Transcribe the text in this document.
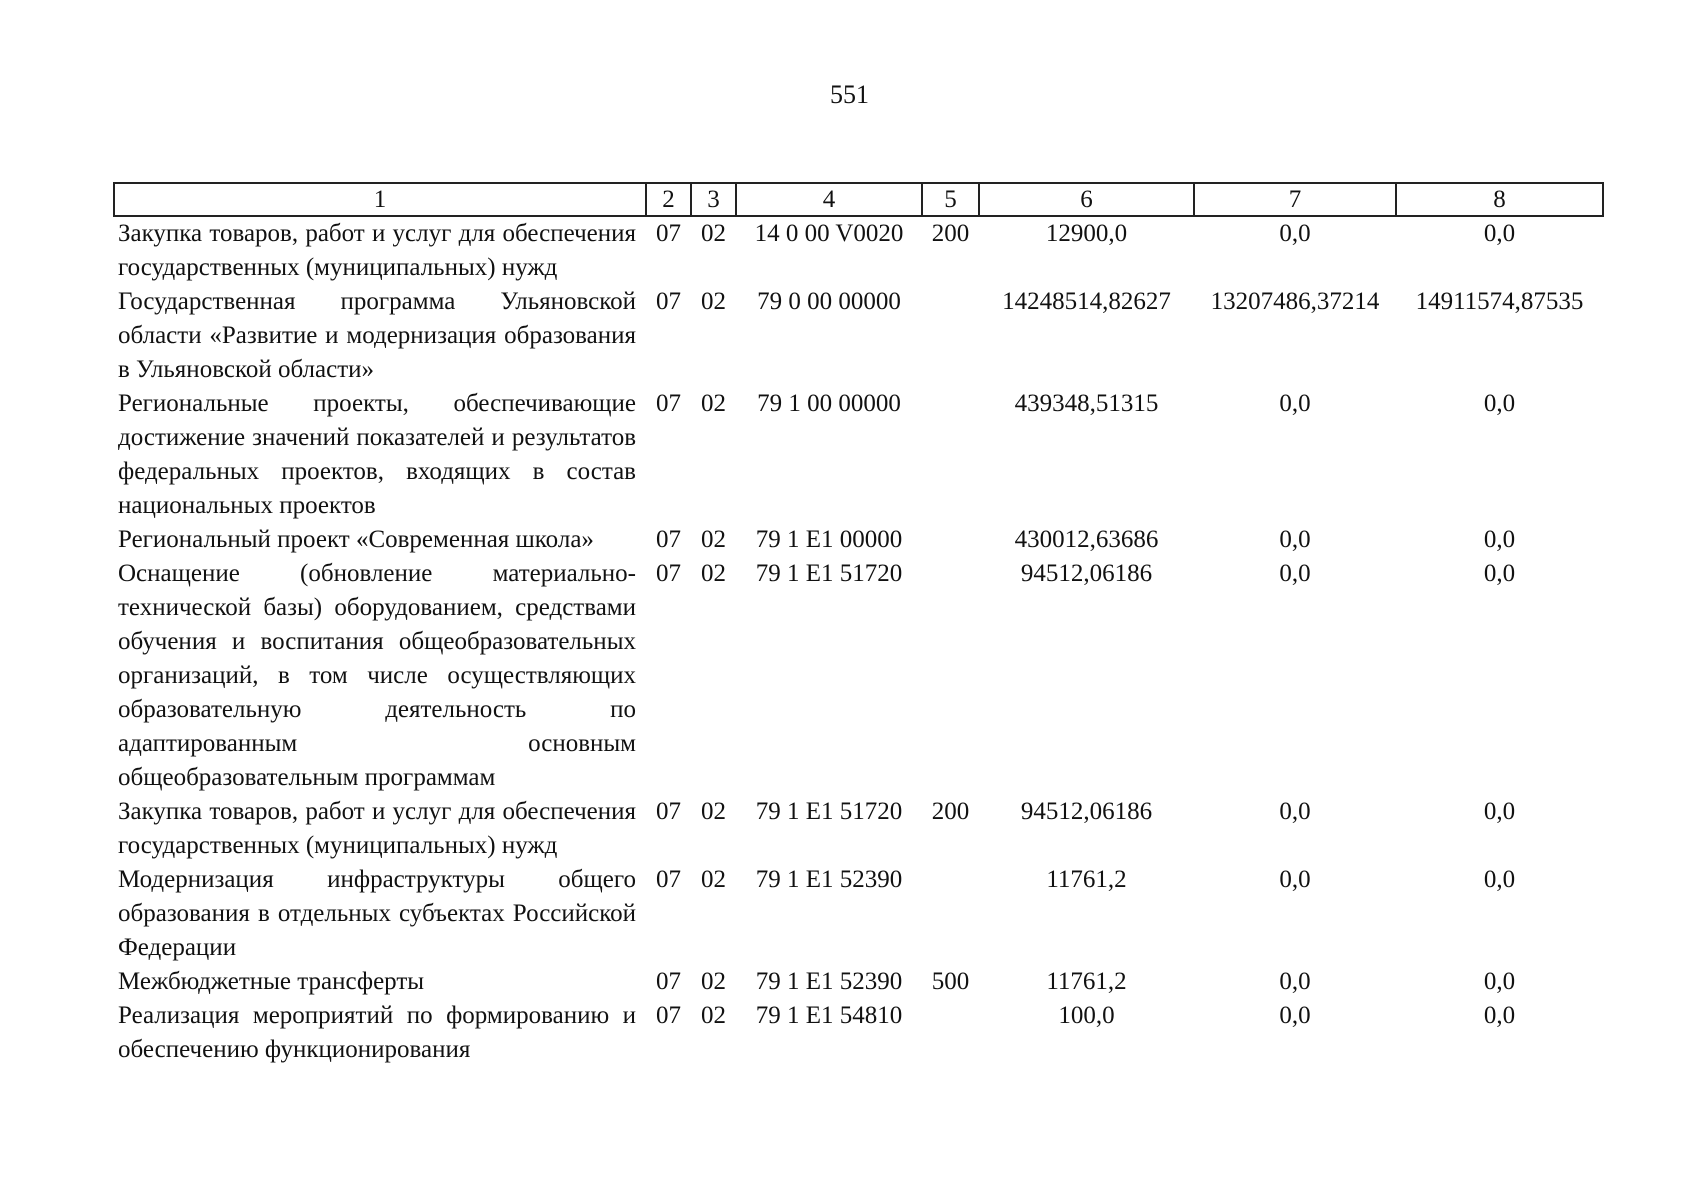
551
1	2	3	4	5	6	7	8
Закупка товаров, работ и услуг для обеспечения государственных (муниципальных) нужд	07	02	14 0 00 V0020	200	12900,0	0,0	0,0
Государственная программа Ульяновской области «Развитие и модернизация образования в Ульяновской области»	07	02	79 0 00 00000		14248514,82627	13207486,37214	14911574,87535
Региональные проекты, обеспечивающие достижение значений показателей и результатов федеральных проектов, входящих в состав национальных проектов	07	02	79 1 00 00000		439348,51315	0,0	0,0
Региональный проект «Современная школа»	07	02	79 1 E1 00000		430012,63686	0,0	0,0
Оснащение (обновление материально-технической базы) оборудованием, средствами обучения и воспитания общеобразовательных организаций, в том числе осуществляющих образовательную деятельность по адаптированным основным общеобразовательным программам	07	02	79 1 E1 51720		94512,06186	0,0	0,0
Закупка товаров, работ и услуг для обеспечения государственных (муниципальных) нужд	07	02	79 1 E1 51720	200	94512,06186	0,0	0,0
Модернизация инфраструктуры общего образования в отдельных субъектах Российской Федерации	07	02	79 1 E1 52390		11761,2	0,0	0,0
Межбюджетные трансферты	07	02	79 1 E1 52390	500	11761,2	0,0	0,0
Реализация мероприятий по формированию и обеспечению функционирования	07	02	79 1 E1 54810		100,0	0,0	0,0
